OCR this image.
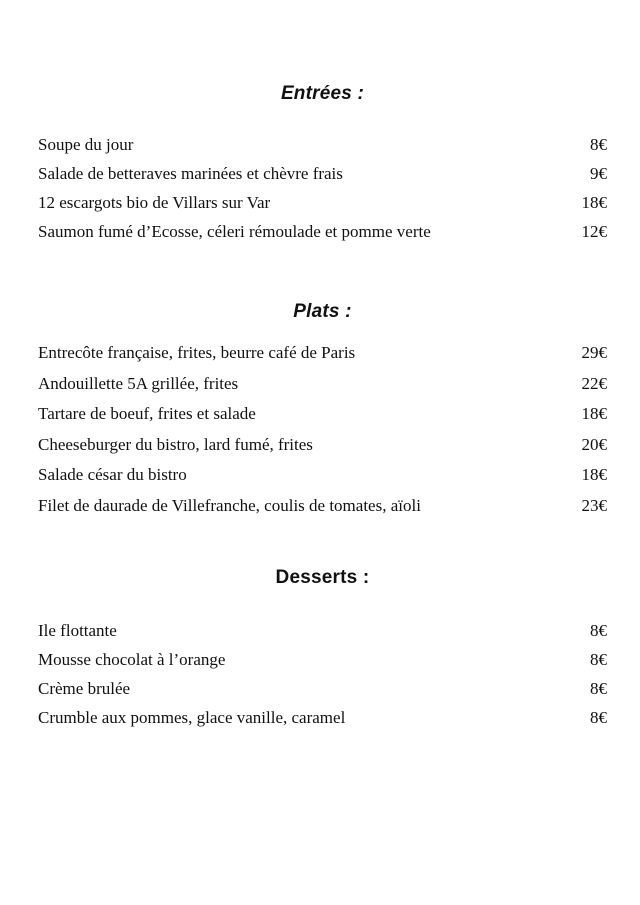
Entrées :
Soupe du jour	8€
Salade de betteraves marinées et chèvre frais	9€
12 escargots bio de Villars sur Var	18€
Saumon fumé d’Ecosse, céleri rémoulade et pomme verte	12€
Plats :
Entrecôte française, frites, beurre café de Paris	29€
Andouillette 5A grillée, frites	22€
Tartare de boeuf, frites et salade	18€
Cheeseburger du bistro, lard fumé, frites	20€
Salade césar du bistro	18€
Filet de daurade de Villefranche, coulis de tomates, aïoli	23€
Desserts :
Ile flottante	8€
Mousse chocolat à l’orange	8€
Crème brulée	8€
Crumble aux pommes, glace vanille, caramel	8€
